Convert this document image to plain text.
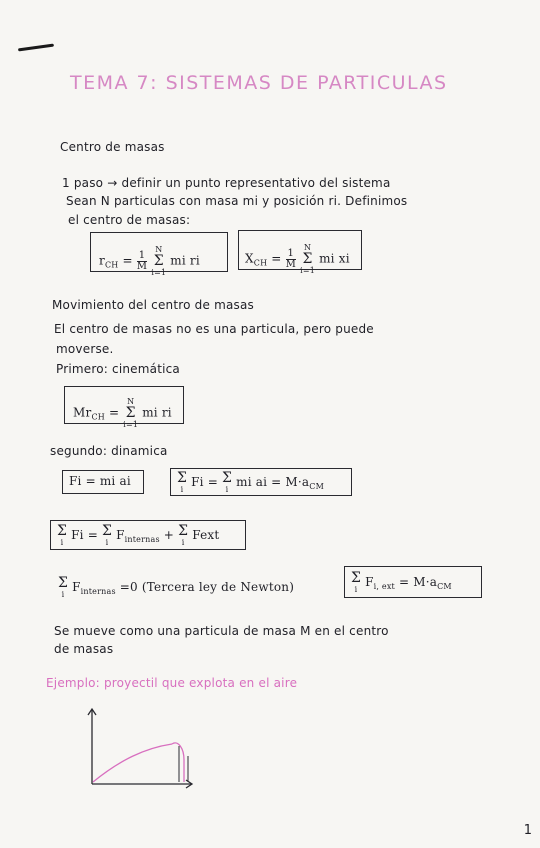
TEMA 7: SISTEMAS DE PARTICULAS
Centro de masas
1 paso → definir un punto representativo del sistema
Sean N particulas con masa mi y posición ri. Definimos
el centro de masas:
$r_{CH} = \frac{1}{M}$

N
Σ
i=1
mi ri	$X_{CH} = \frac{1}{M}$

N
Σ
i=1
mi xi
Movimiento del centro de masas
El centro de masas no es una particula, pero puede
moverse.
Primero: cinemática
$Mr_{CH}$ =
N
Σ
i=1
mi ri
segundo: dinamica
Fi = mi ai	Σ
i
Fi = Σ
i
mi ai = $M\cdot a_{CM}$
Σ
i
Fi = Σ
i
$F_{internas} + \Sigma$
i
Fext
Σ
i
$F_{internas} =0$ (Tercera ley de Newton)
Σ
i
$F_{i, ext} = M\cdot a_{CM}$
Se mueve como una particula de masa M en el centro
de masas
Ejemplo: proyectil que explota en el aire
1
